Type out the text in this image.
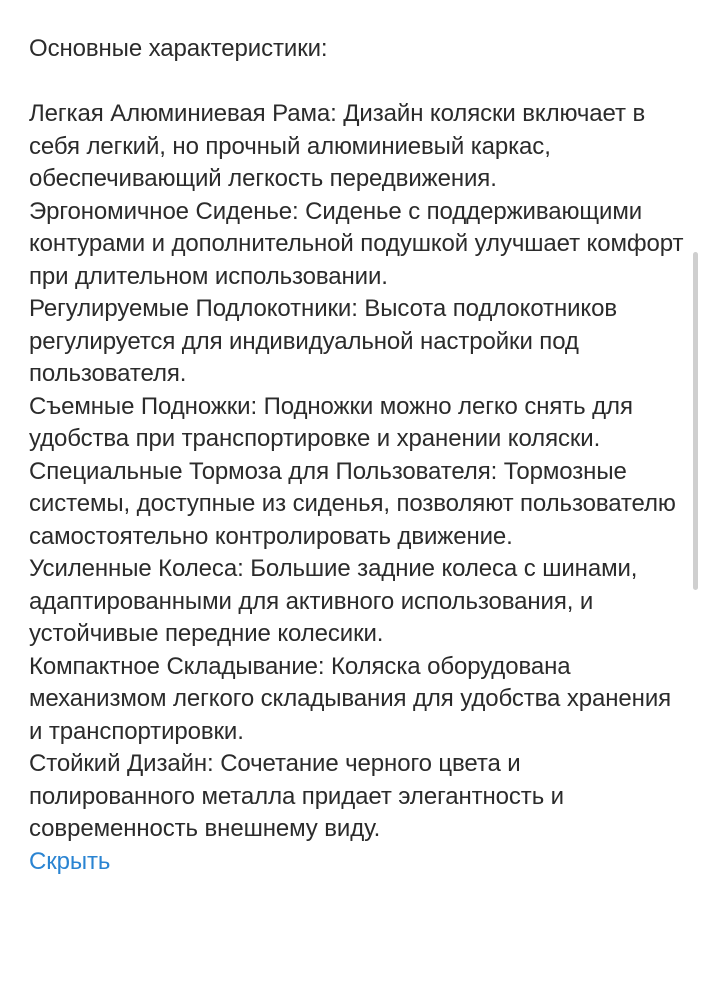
Основные характеристики:

Легкая Алюминиевая Рама: Дизайн коляски включает в себя легкий, но прочный алюминиевый каркас, обеспечивающий легкость передвижения.

Эргономичное Сиденье: Сиденье с поддерживающими контурами и дополнительной подушкой улучшает комфорт при длительном использовании.

Регулируемые Подлокотники: Высота подлокотников регулируется для индивидуальной настройки под пользователя.

Съемные Подножки: Подножки можно легко снять для удобства при транспортировке и хранении коляски.

Специальные Тормоза для Пользователя: Тормозные системы, доступные из сиденья, позволяют пользователю самостоятельно контролировать движение.

Усиленные Колеса: Большие задние колеса с шинами, адаптированными для активного использования, и устойчивые передние колесики.

Компактное Складывание: Коляска оборудована механизмом легкого складывания для удобства хранения и транспортировки.

Стойкий Дизайн: Сочетание черного цвета и полированного металла придает элегантность и современность внешнему виду.

Скрыть
